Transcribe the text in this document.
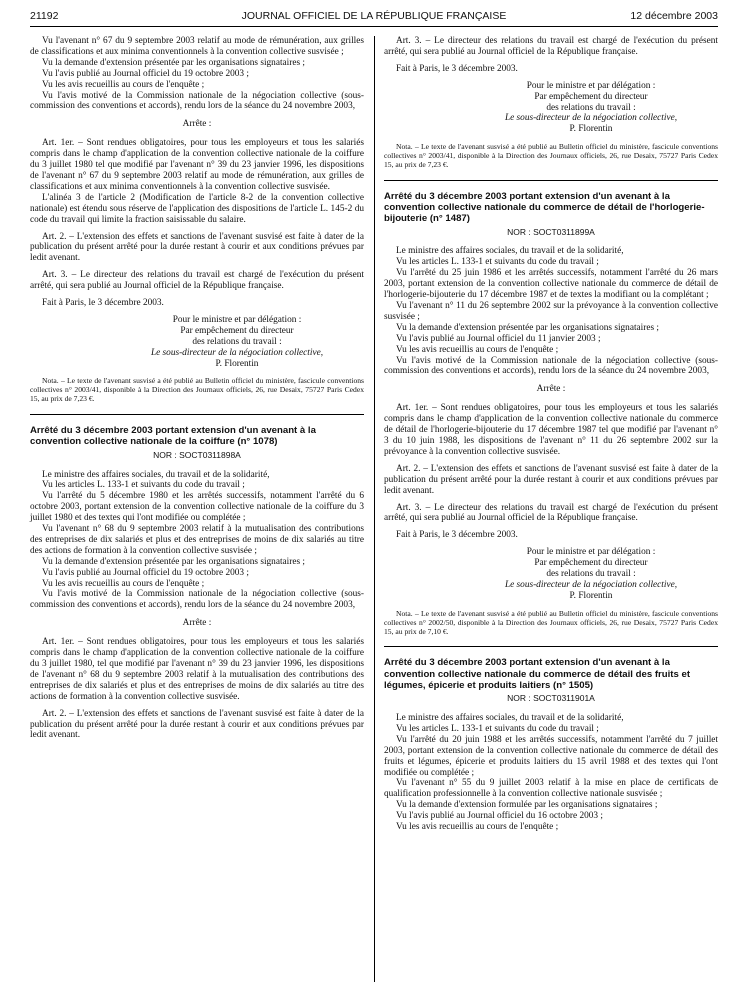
21192	JOURNAL OFFICIEL DE LA RÉPUBLIQUE FRANÇAISE	12 décembre 2003

Vu l'avenant n° 67 du 9 septembre 2003 relatif au mode de rémunération, aux grilles de classifications et aux minima conventionnels à la convention collective susvisée ;

Vu la demande d'extension présentée par les organisations signataires ;

Vu l'avis publié au Journal officiel du 19 octobre 2003 ;

Vu les avis recueillis au cours de l'enquête ;

Vu l'avis motivé de la Commission nationale de la négociation collective (sous-commission des conventions et accords), rendu lors de la séance du 24 novembre 2003,

Arrête :

Art. 1er. – Sont rendues obligatoires, pour tous les employeurs et tous les salariés compris dans le champ d'application de la convention collective nationale de la coiffure du 3 juillet 1980 tel que modifié par l'avenant n° 39 du 23 janvier 1996, les dispositions de l'avenant n° 67 du 9 septembre 2003 relatif au mode de rémunération, aux grilles de classifications et aux minima conventionnels à la convention collective susvisée.

L'alinéa 3 de l'article 2 (Modification de l'article 8-2 de la convention collective nationale) est étendu sous réserve de l'application des dispositions de l'article L. 145-2 du code du travail qui limite la fraction saisissable du salaire.

Art. 2. – L'extension des effets et sanctions de l'avenant susvisé est faite à dater de la publication du présent arrêté pour la durée restant à courir et aux conditions prévues par ledit avenant.

Art. 3. – Le directeur des relations du travail est chargé de l'exécution du présent arrêté, qui sera publié au Journal officiel de la République française.

Fait à Paris, le 3 décembre 2003.

Pour le ministre et par délégation :

Par empêchement du directeur

des relations du travail :

Le sous-directeur de la négociation collective,

P. Florentin

Nota. – Le texte de l'avenant susvisé a été publié au Bulletin officiel du ministère, fascicule conventions collectives n° 2003/41, disponible à la Direction des Journaux officiels, 26, rue Desaix, 75727 Paris Cedex 15, au prix de 7,23 €.

Arrêté du 3 décembre 2003 portant extension d'un avenant à la convention collective nationale de la coiffure (n° 1078)

NOR : SOCT0311898A

Le ministre des affaires sociales, du travail et de la solidarité,

Vu les articles L. 133-1 et suivants du code du travail ;

Vu l'arrêté du 5 décembre 1980 et les arrêtés successifs, notamment l'arrêté du 6 octobre 2003, portant extension de la convention collective nationale de la coiffure du 3 juillet 1980 et des textes qui l'ont modifiée ou complétée ;

Vu l'avenant n° 68 du 9 septembre 2003 relatif à la mutualisation des contributions des entreprises de dix salariés et plus et des entreprises de moins de dix salariés au titre des actions de formation à la convention collective susvisée ;

Vu la demande d'extension présentée par les organisations signataires ;

Vu l'avis publié au Journal officiel du 19 octobre 2003 ;

Vu les avis recueillis au cours de l'enquête ;

Vu l'avis motivé de la Commission nationale de la négociation collective (sous-commission des conventions et accords), rendu lors de la séance du 24 novembre 2003,

Arrête :

Art. 1er. – Sont rendues obligatoires, pour tous les employeurs et tous les salariés compris dans le champ d'application de la convention collective nationale de la coiffure du 3 juillet 1980, tel que modifié par l'avenant n° 39 du 23 janvier 1996, les dispositions de l'avenant n° 68 du 9 septembre 2003 relatif à la mutualisation des contributions des entreprises de dix salariés et plus et des entreprises de moins de dix salariés au titre des actions de formation à la convention collective susvisée.

Art. 2. – L'extension des effets et sanctions de l'avenant susvisé est faite à dater de la publication du présent arrêté pour la durée restant à courir et aux conditions prévues par ledit avenant.

Art. 3. – Le directeur des relations du travail est chargé de l'exécution du présent arrêté, qui sera publié au Journal officiel de la République française.

Fait à Paris, le 3 décembre 2003.

Pour le ministre et par délégation :

Par empêchement du directeur

des relations du travail :

Le sous-directeur de la négociation collective,

P. Florentin

Nota. – Le texte de l'avenant susvisé a été publié au Bulletin officiel du ministère, fascicule conventions collectives n° 2003/41, disponible à la Direction des Journaux officiels, 26, rue Desaix, 75727 Paris Cedex 15, au prix de 7,23 €.

Arrêté du 3 décembre 2003 portant extension d'un avenant à la convention collective nationale du commerce de détail de l'horlogerie-bijouterie (n° 1487)

NOR : SOCT0311899A

Le ministre des affaires sociales, du travail et de la solidarité,

Vu les articles L. 133-1 et suivants du code du travail ;

Vu l'arrêté du 25 juin 1986 et les arrêtés successifs, notamment l'arrêté du 26 mars 2003, portant extension de la convention collective nationale du commerce de détail de l'horlogerie-bijouterie du 17 décembre 1987 et de textes la modifiant ou la complétant ;

Vu l'avenant n° 11 du 26 septembre 2002 sur la prévoyance à la convention collective susvisée ;

Vu la demande d'extension présentée par les organisations signataires ;

Vu l'avis publié au Journal officiel du 11 janvier 2003 ;

Vu les avis recueillis au cours de l'enquête ;

Vu l'avis motivé de la Commission nationale de la négociation collective (sous-commission des conventions et accords), rendu lors de la séance du 24 novembre 2003,

Arrête :

Art. 1er. – Sont rendues obligatoires, pour tous les employeurs et tous les salariés compris dans le champ d'application de la convention collective nationale du commerce de détail de l'horlogerie-bijouterie du 17 décembre 1987 tel que modifié par l'avenant n° 3 du 10 juin 1988, les dispositions de l'avenant n° 11 du 26 septembre 2002 sur la prévoyance à la convention collective susvisée.

Art. 2. – L'extension des effets et sanctions de l'avenant susvisé est faite à dater de la publication du présent arrêté pour la durée restant à courir et aux conditions prévues par ledit avenant.

Art. 3. – Le directeur des relations du travail est chargé de l'exécution du présent arrêté, qui sera publié au Journal officiel de la République française.

Fait à Paris, le 3 décembre 2003.

Pour le ministre et par délégation :

Par empêchement du directeur

des relations du travail :

Le sous-directeur de la négociation collective,

P. Florentin

Nota. – Le texte de l'avenant susvisé a été publié au Bulletin officiel du ministère, fascicule conventions collectives n° 2002/50, disponible à la Direction des Journaux officiels, 26, rue Desaix, 75727 Paris Cedex 15, au prix de 7,10 €.

Arrêté du 3 décembre 2003 portant extension d'un avenant à la convention collective nationale du commerce de détail des fruits et légumes, épicerie et produits laitiers (n° 1505)

NOR : SOCT0311901A

Le ministre des affaires sociales, du travail et de la solidarité,

Vu les articles L. 133-1 et suivants du code du travail ;

Vu l'arrêté du 20 juin 1988 et les arrêtés successifs, notamment l'arrêté du 7 juillet 2003, portant extension de la convention collective nationale du commerce de détail des fruits et légumes, épicerie et produits laitiers du 15 avril 1988 et des textes qui l'ont modifiée ou complétée ;

Vu l'avenant n° 55 du 9 juillet 2003 relatif à la mise en place de certificats de qualification professionnelle à la convention collective nationale susvisée ;

Vu la demande d'extension formulée par les organisations signataires ;

Vu l'avis publié au Journal officiel du 16 octobre 2003 ;

Vu les avis recueillis au cours de l'enquête ;
